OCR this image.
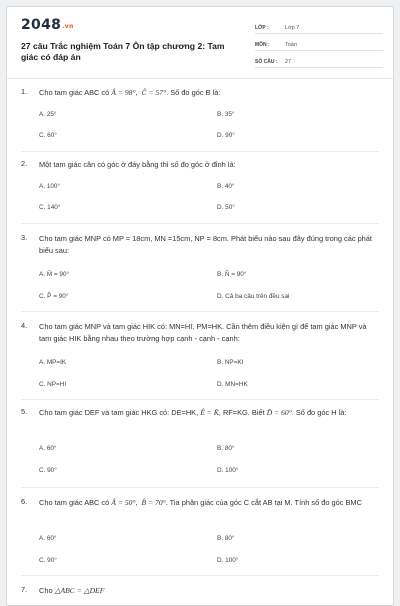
2048.vn
27 câu Trắc nghiệm Toán 7 Ôn tập chương 2: Tam giác có đáp án
LỚP :	Lớp 7
MÔN :	Toán
SỐ CÂU :	27
1. Cho tam giác ABC có Â = 98°, Ĉ = 57°. Số đo góc B là:
A. 25°	B. 35°
C. 60°	D. 90°
2. Một tam giác cân có góc ở đáy bằng thì số đo góc ở đỉnh là:
A. 100°	B. 40°
C. 140°	D. 50°
3. Cho tam giác MNP có MP = 18cm, MN =15cm, NP = 8cm. Phát biểu nào sau đây đúng trong các phát biểu sau:
A. M̂ = 90°	B. N̂ = 90°
C. P̂ = 90°	D. Cả ba câu trên đều sai
4. Cho tam giác MNP và tam giác HIK có: MN=HI, PM=HK. Cần thêm điều kiện gì để tam giác MNP và tam giác HIK bằng nhau theo trường hợp cạnh - cạnh - cạnh:
A. MP=IK	B. NP=KI
C. NP=HI	D. MN=HK
5. Cho tam giác DEF và tam giác HKG có: DE=HK, Ê = K̂, RF=KG. Biết D̂ = 60°. Số đo góc H là:
A. 60°	B. 80°
C. 90°	D. 100°
6. Cho tam giác ABC có Â = 50°, B̂ = 70°. Tia phân giác của góc C cắt AB tại M. Tính số đo góc BMC
A. 60°	B. 80°
C. 90°	D. 100°
7. Cho △ABC = △DEF
